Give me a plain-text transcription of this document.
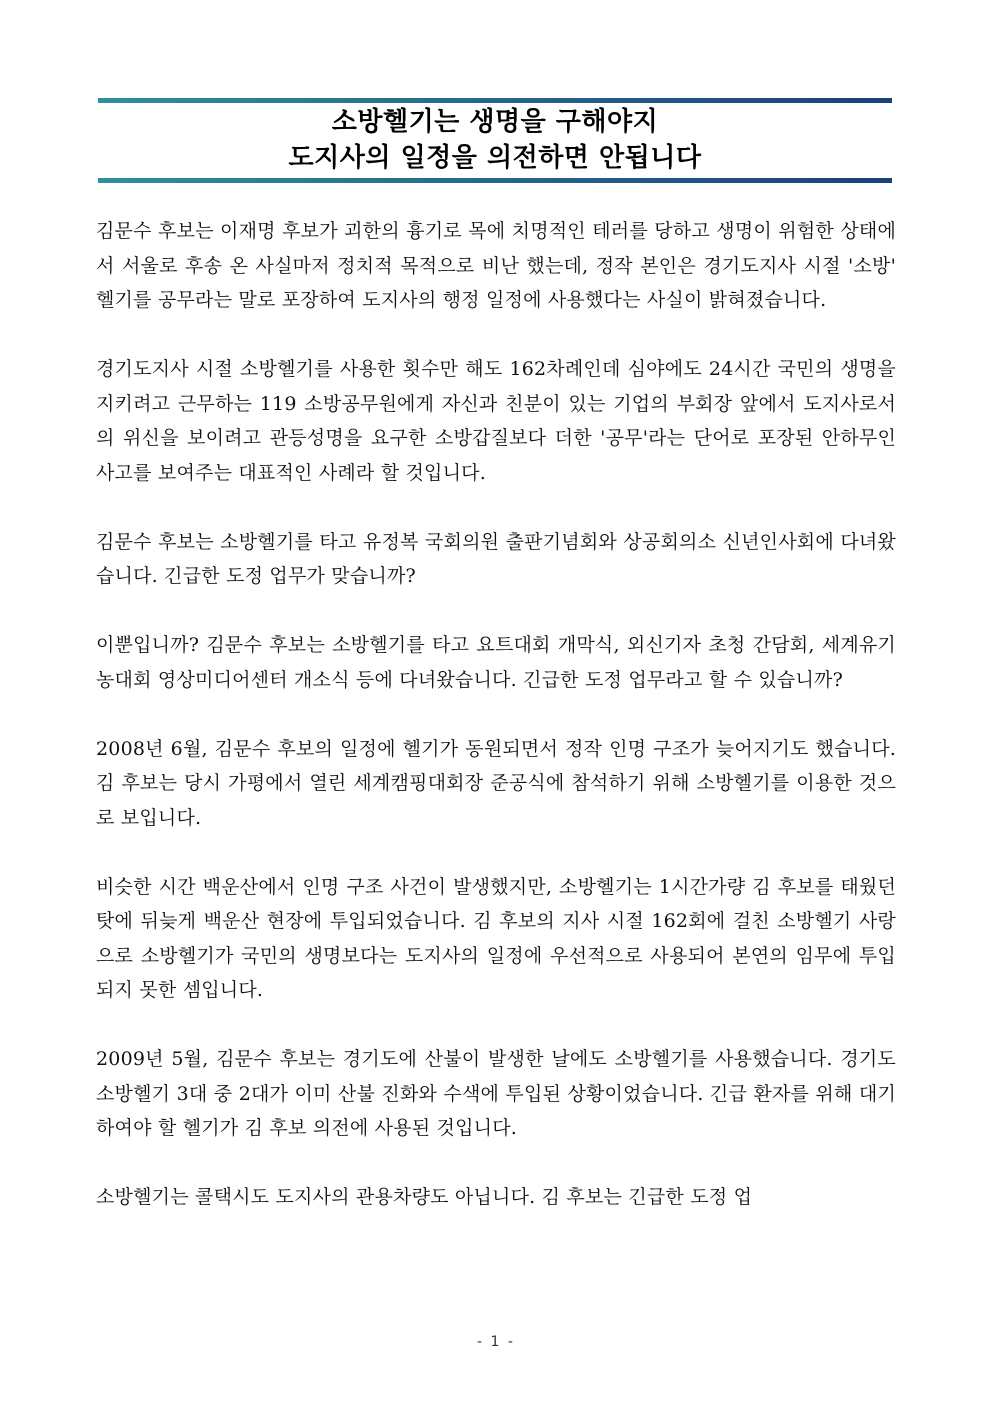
소방헬기는 생명을 구해야지
도지사의 일정을 의전하면 안됩니다

김문수 후보는 이재명 후보가 괴한의 흉기로 목에 치명적인 테러를 당하고 생명이 위험한 상태에서 서울로 후송 온 사실마저 정치적 목적으로 비난 했는데, 정작 본인은 경기도지사 시절 '소방' 헬기를 공무라는 말로 포장하여 도지사의 행정 일정에 사용했다는 사실이 밝혀졌습니다.

경기도지사 시절 소방헬기를 사용한 횟수만 해도 162차례인데 심야에도 24시간 국민의 생명을 지키려고 근무하는 119 소방공무원에게 자신과 친분이 있는 기업의 부회장 앞에서 도지사로서의 위신을 보이려고 관등성명을 요구한 소방갑질보다 더한 '공무'라는 단어로 포장된 안하무인 사고를 보여주는 대표적인 사례라 할 것입니다.

김문수 후보는 소방헬기를 타고 유정복 국회의원 출판기념회와 상공회의소 신년인사회에 다녀왔습니다. 긴급한 도정 업무가 맞습니까?

이뿐입니까? 김문수 후보는 소방헬기를 타고 요트대회 개막식, 외신기자 초청 간담회, 세계유기농대회 영상미디어센터 개소식 등에 다녀왔습니다. 긴급한 도정 업무라고 할 수 있습니까?

2008년 6월, 김문수 후보의 일정에 헬기가 동원되면서 정작 인명 구조가 늦어지기도 했습니다. 김 후보는 당시 가평에서 열린 세계캠핑대회장 준공식에 참석하기 위해 소방헬기를 이용한 것으로 보입니다.

비슷한 시간 백운산에서 인명 구조 사건이 발생했지만, 소방헬기는 1시간가량 김 후보를 태웠던 탓에 뒤늦게 백운산 현장에 투입되었습니다. 김 후보의 지사 시절 162회에 걸친 소방헬기 사랑으로 소방헬기가 국민의 생명보다는 도지사의 일정에 우선적으로 사용되어 본연의 임무에 투입되지 못한 셈입니다.

2009년 5월, 김문수 후보는 경기도에 산불이 발생한 날에도 소방헬기를 사용했습니다. 경기도 소방헬기 3대 중 2대가 이미 산불 진화와 수색에 투입된 상황이었습니다. 긴급 환자를 위해 대기하여야 할 헬기가 김 후보 의전에 사용된 것입니다.

소방헬기는 콜택시도 도지사의 관용차량도 아닙니다. 김 후보는 긴급한 도정 업

- 1 -
